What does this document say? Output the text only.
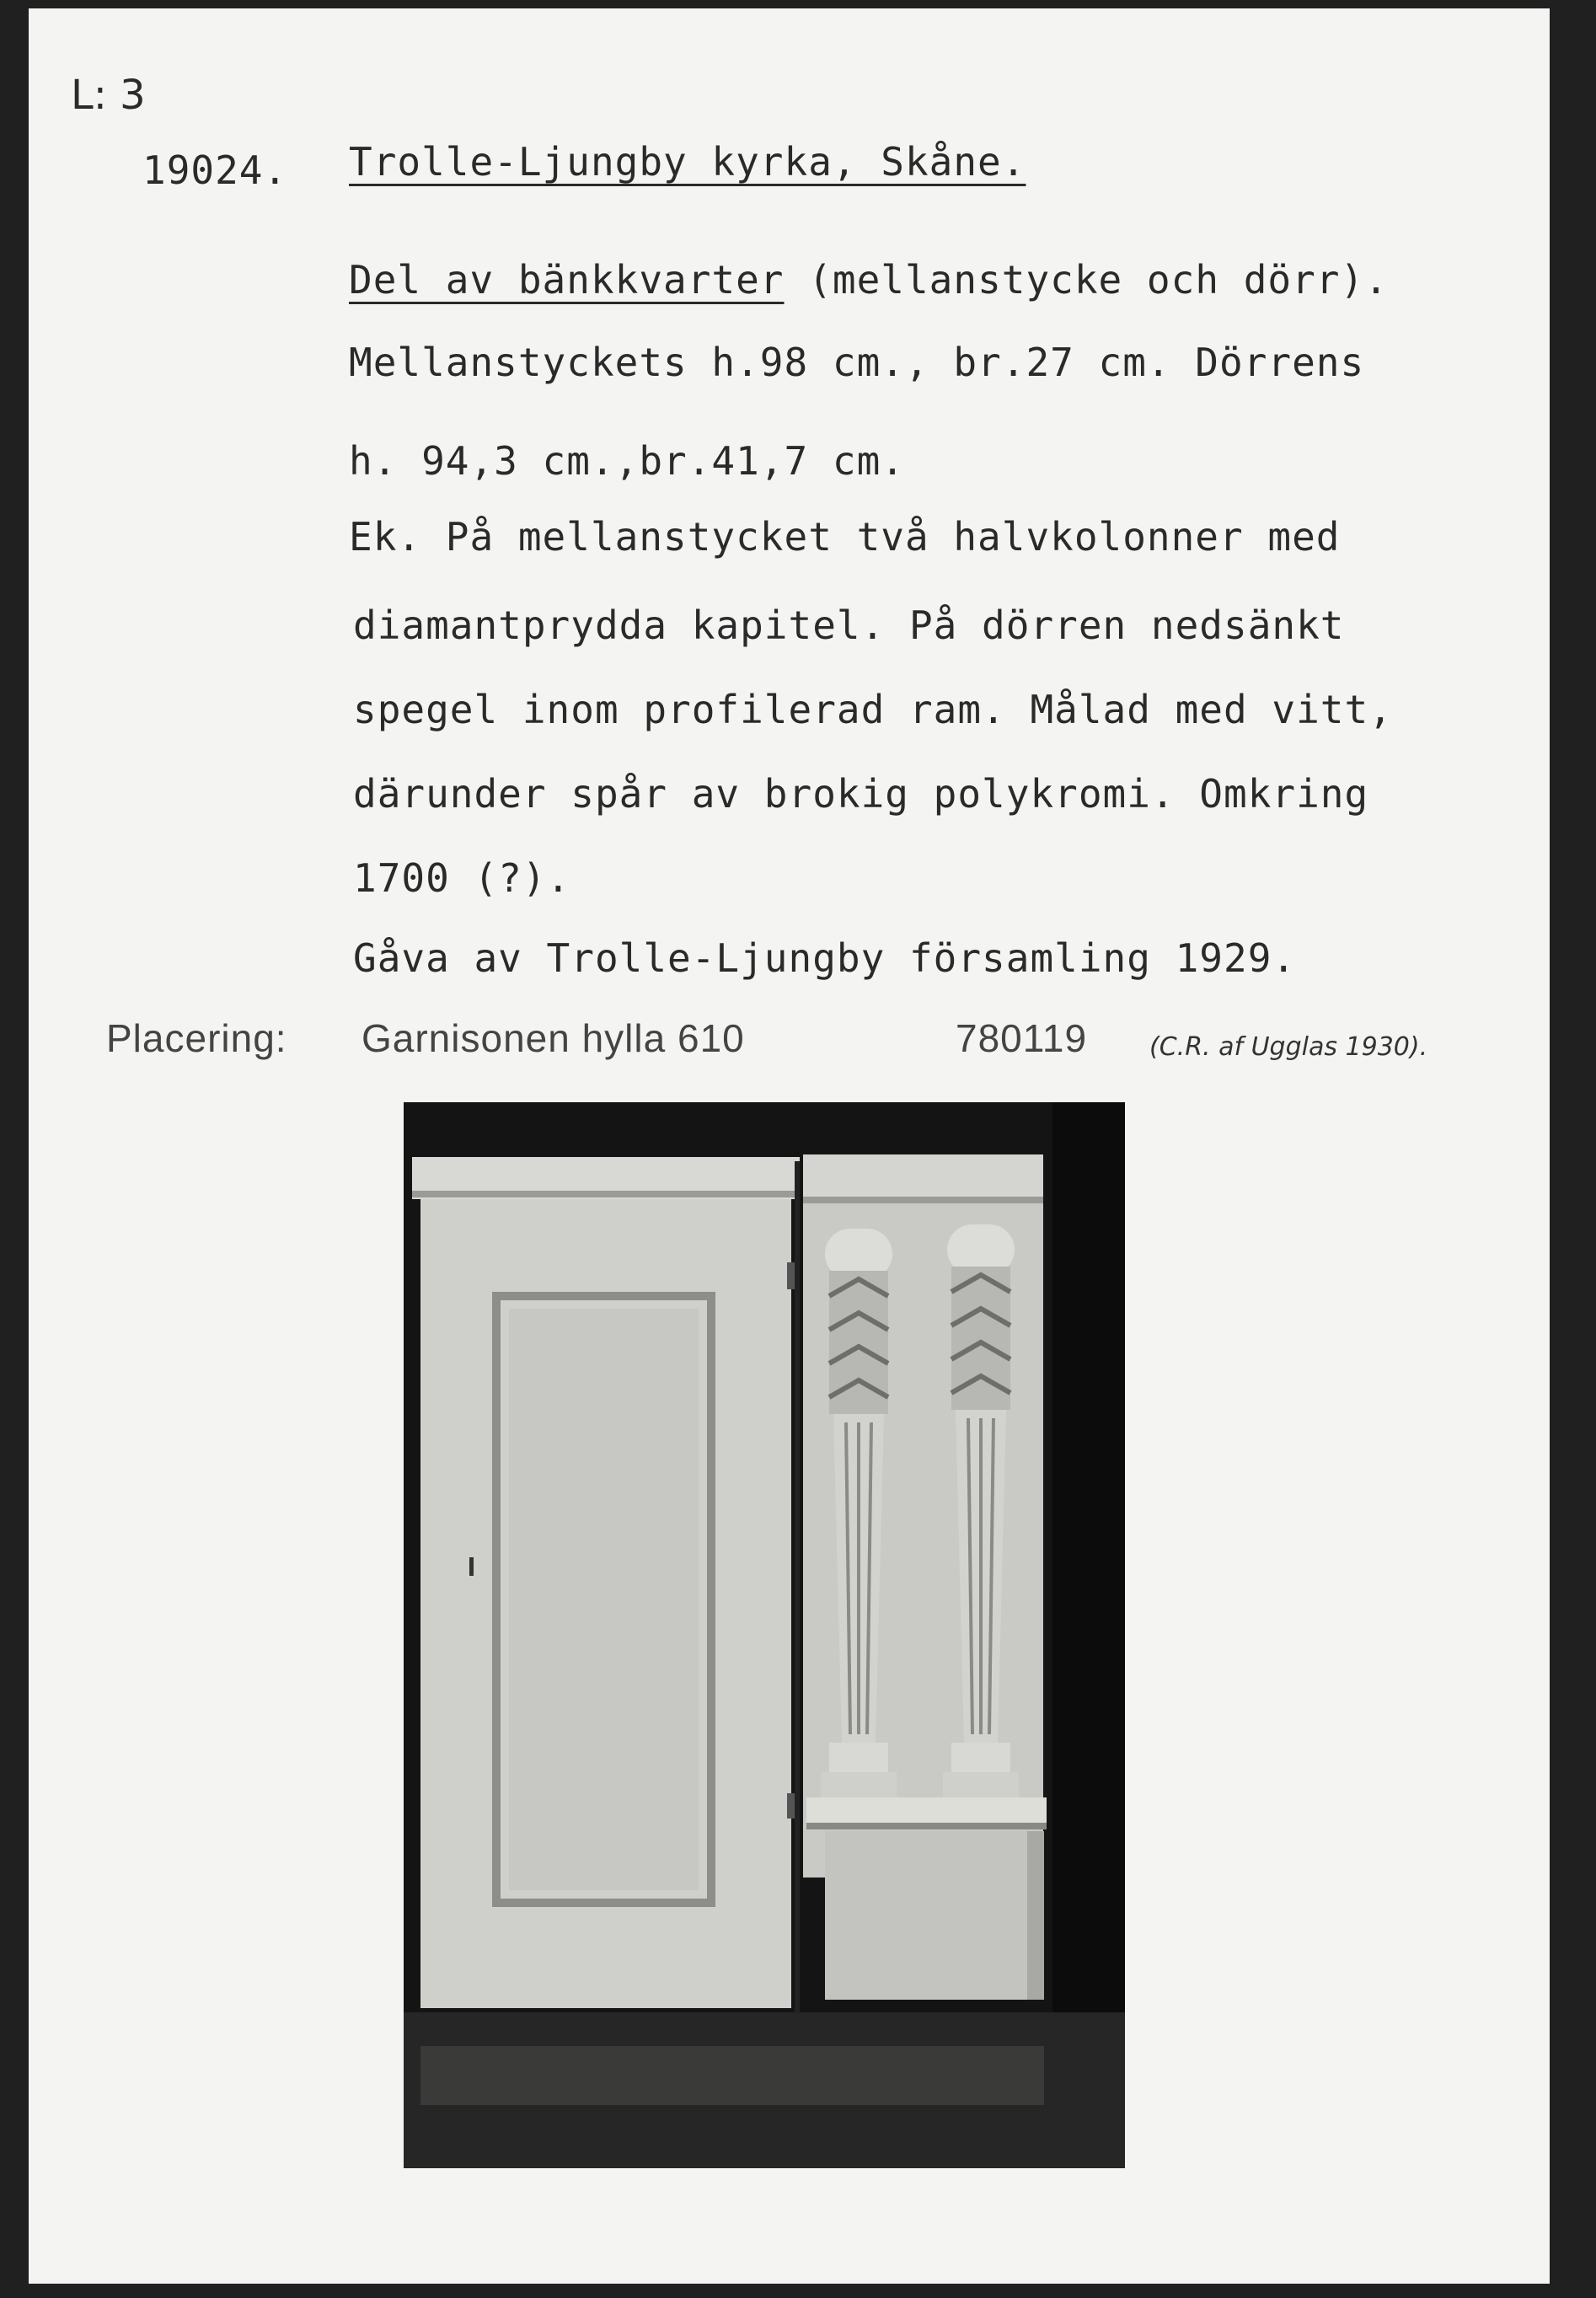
L: 3
19024. Trolle-Ljungby kyrka, Skåne.
Del av bänkkvarter (mellanstycke och dörr).
Mellanstyckets h.98 cm., br.27 cm. Dörrens
h. 94,3 cm.,br.41,7 cm.
Ek. På mellanstycket två halvkolonner med
diamantprydda kapitel. På dörren nedsänkt
spegel inom profilerad ram. Målad med vitt,
därunder spår av brokig polykromi. Omkring
1700 (?).
Gåva av Trolle-Ljungby församling 1929.
Placering: Garnisonen hylla 610	780119 (C.R. af Ugglas 1930).
